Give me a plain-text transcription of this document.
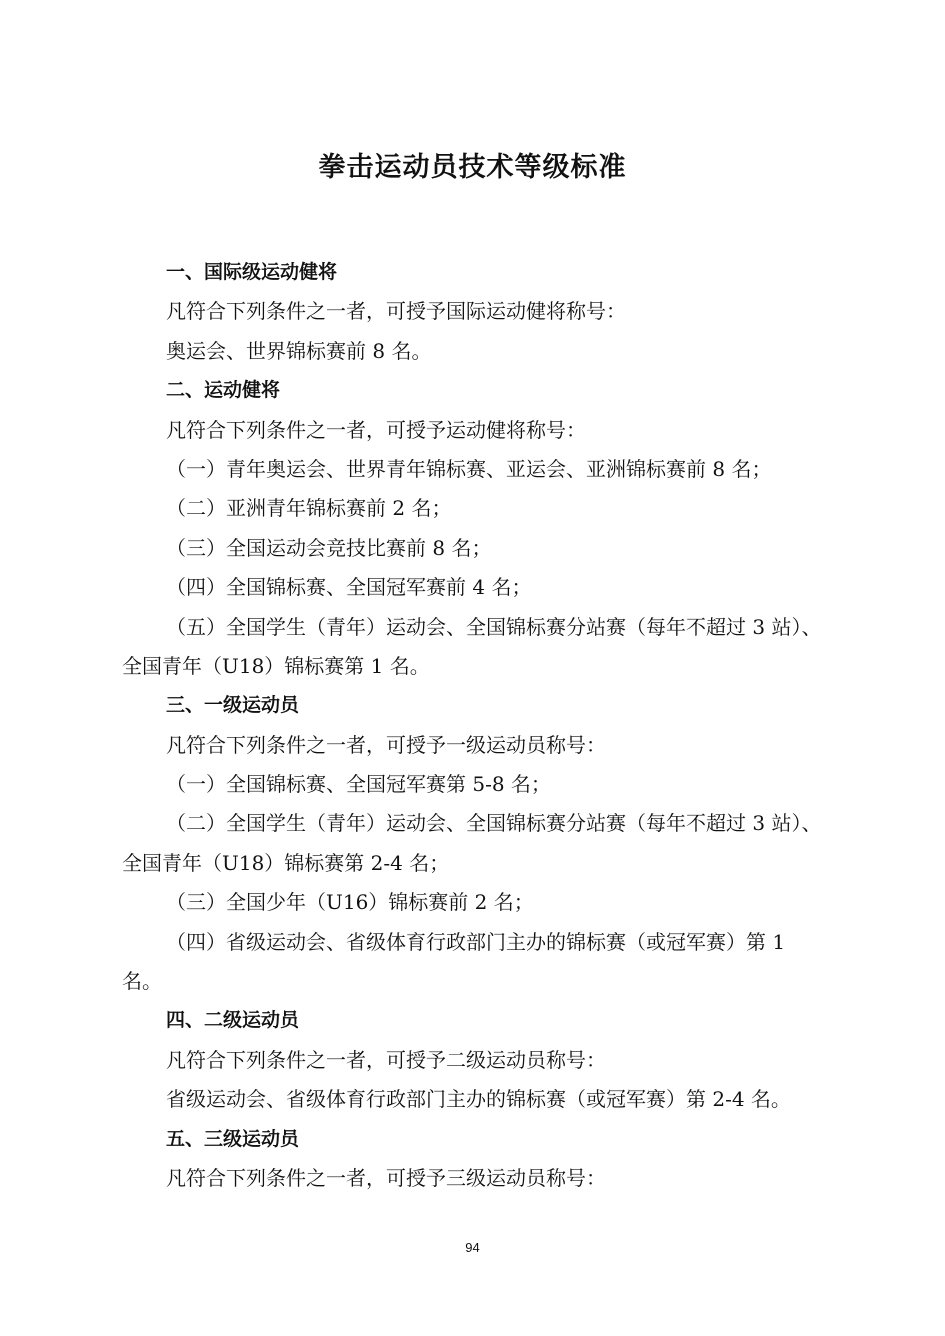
拳击运动员技术等级标准
一、国际级运动健将
凡符合下列条件之一者，可授予国际运动健将称号：
奥运会、世界锦标赛前 8 名。
二、运动健将
凡符合下列条件之一者，可授予运动健将称号：
（一）青年奥运会、世界青年锦标赛、亚运会、亚洲锦标赛前 8 名；
（二）亚洲青年锦标赛前 2 名；
（三）全国运动会竞技比赛前 8 名；
（四）全国锦标赛、全国冠军赛前 4 名；
（五）全国学生（青年）运动会、全国锦标赛分站赛（每年不超过 3 站）、
全国青年（U18）锦标赛第 1 名。
三、一级运动员
凡符合下列条件之一者，可授予一级运动员称号：
（一）全国锦标赛、全国冠军赛第 5-8 名；
（二）全国学生（青年）运动会、全国锦标赛分站赛（每年不超过 3 站）、
全国青年（U18）锦标赛第 2-4 名；
（三）全国少年（U16）锦标赛前 2 名；
（四）省级运动会、省级体育行政部门主办的锦标赛（或冠军赛）第 1
名。
四、二级运动员
凡符合下列条件之一者，可授予二级运动员称号：
省级运动会、省级体育行政部门主办的锦标赛（或冠军赛）第 2-4 名。
五、三级运动员
凡符合下列条件之一者，可授予三级运动员称号：
94
